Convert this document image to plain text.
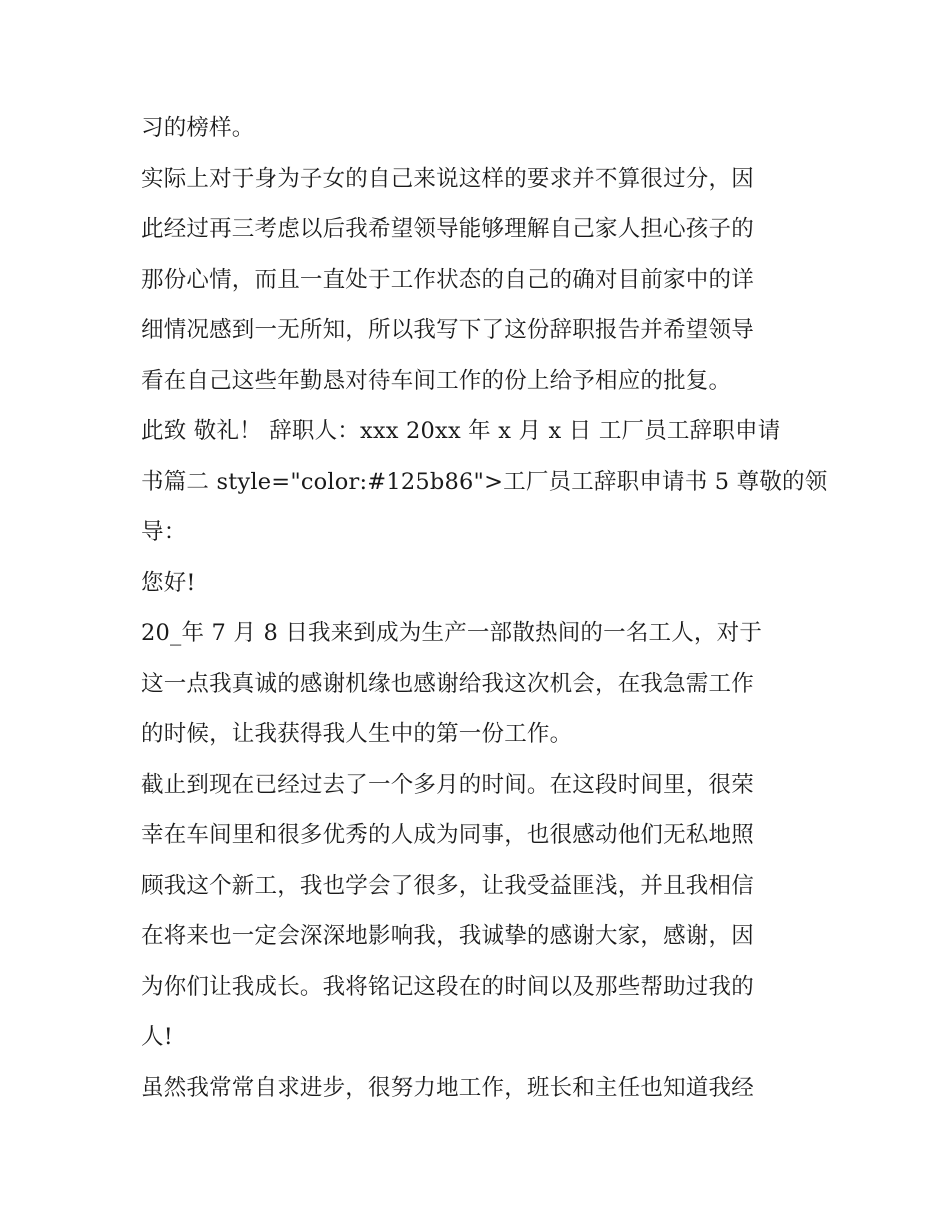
习的榜样。
实际上对于身为子女的自己来说这样的要求并不算很过分，因
此经过再三考虑以后我希望领导能够理解自己家人担心孩子的
那份心情，而且一直处于工作状态的自己的确对目前家中的详
细情况感到一无所知，所以我写下了这份辞职报告并希望领导
看在自己这些年勤恳对待车间工作的份上给予相应的批复。
此致 敬礼！ 辞职人：xxx 20xx 年 x 月 x 日 工厂员工辞职申请
书篇二 style="color:#125b86">工厂员工辞职申请书 5 尊敬的领
导：
您好!
20_年 7 月 8 日我来到成为生产一部散热间的一名工人，对于
这一点我真诚的感谢机缘也感谢给我这次机会，在我急需工作
的时候，让我获得我人生中的第一份工作。
截止到现在已经过去了一个多月的时间。在这段时间里，很荣
幸在车间里和很多优秀的人成为同事，也很感动他们无私地照
顾我这个新工，我也学会了很多，让我受益匪浅，并且我相信
在将来也一定会深深地影响我，我诚挚的感谢大家，感谢，因
为你们让我成长。我将铭记这段在的时间以及那些帮助过我的
人!
虽然我常常自求进步，很努力地工作，班长和主任也知道我经
